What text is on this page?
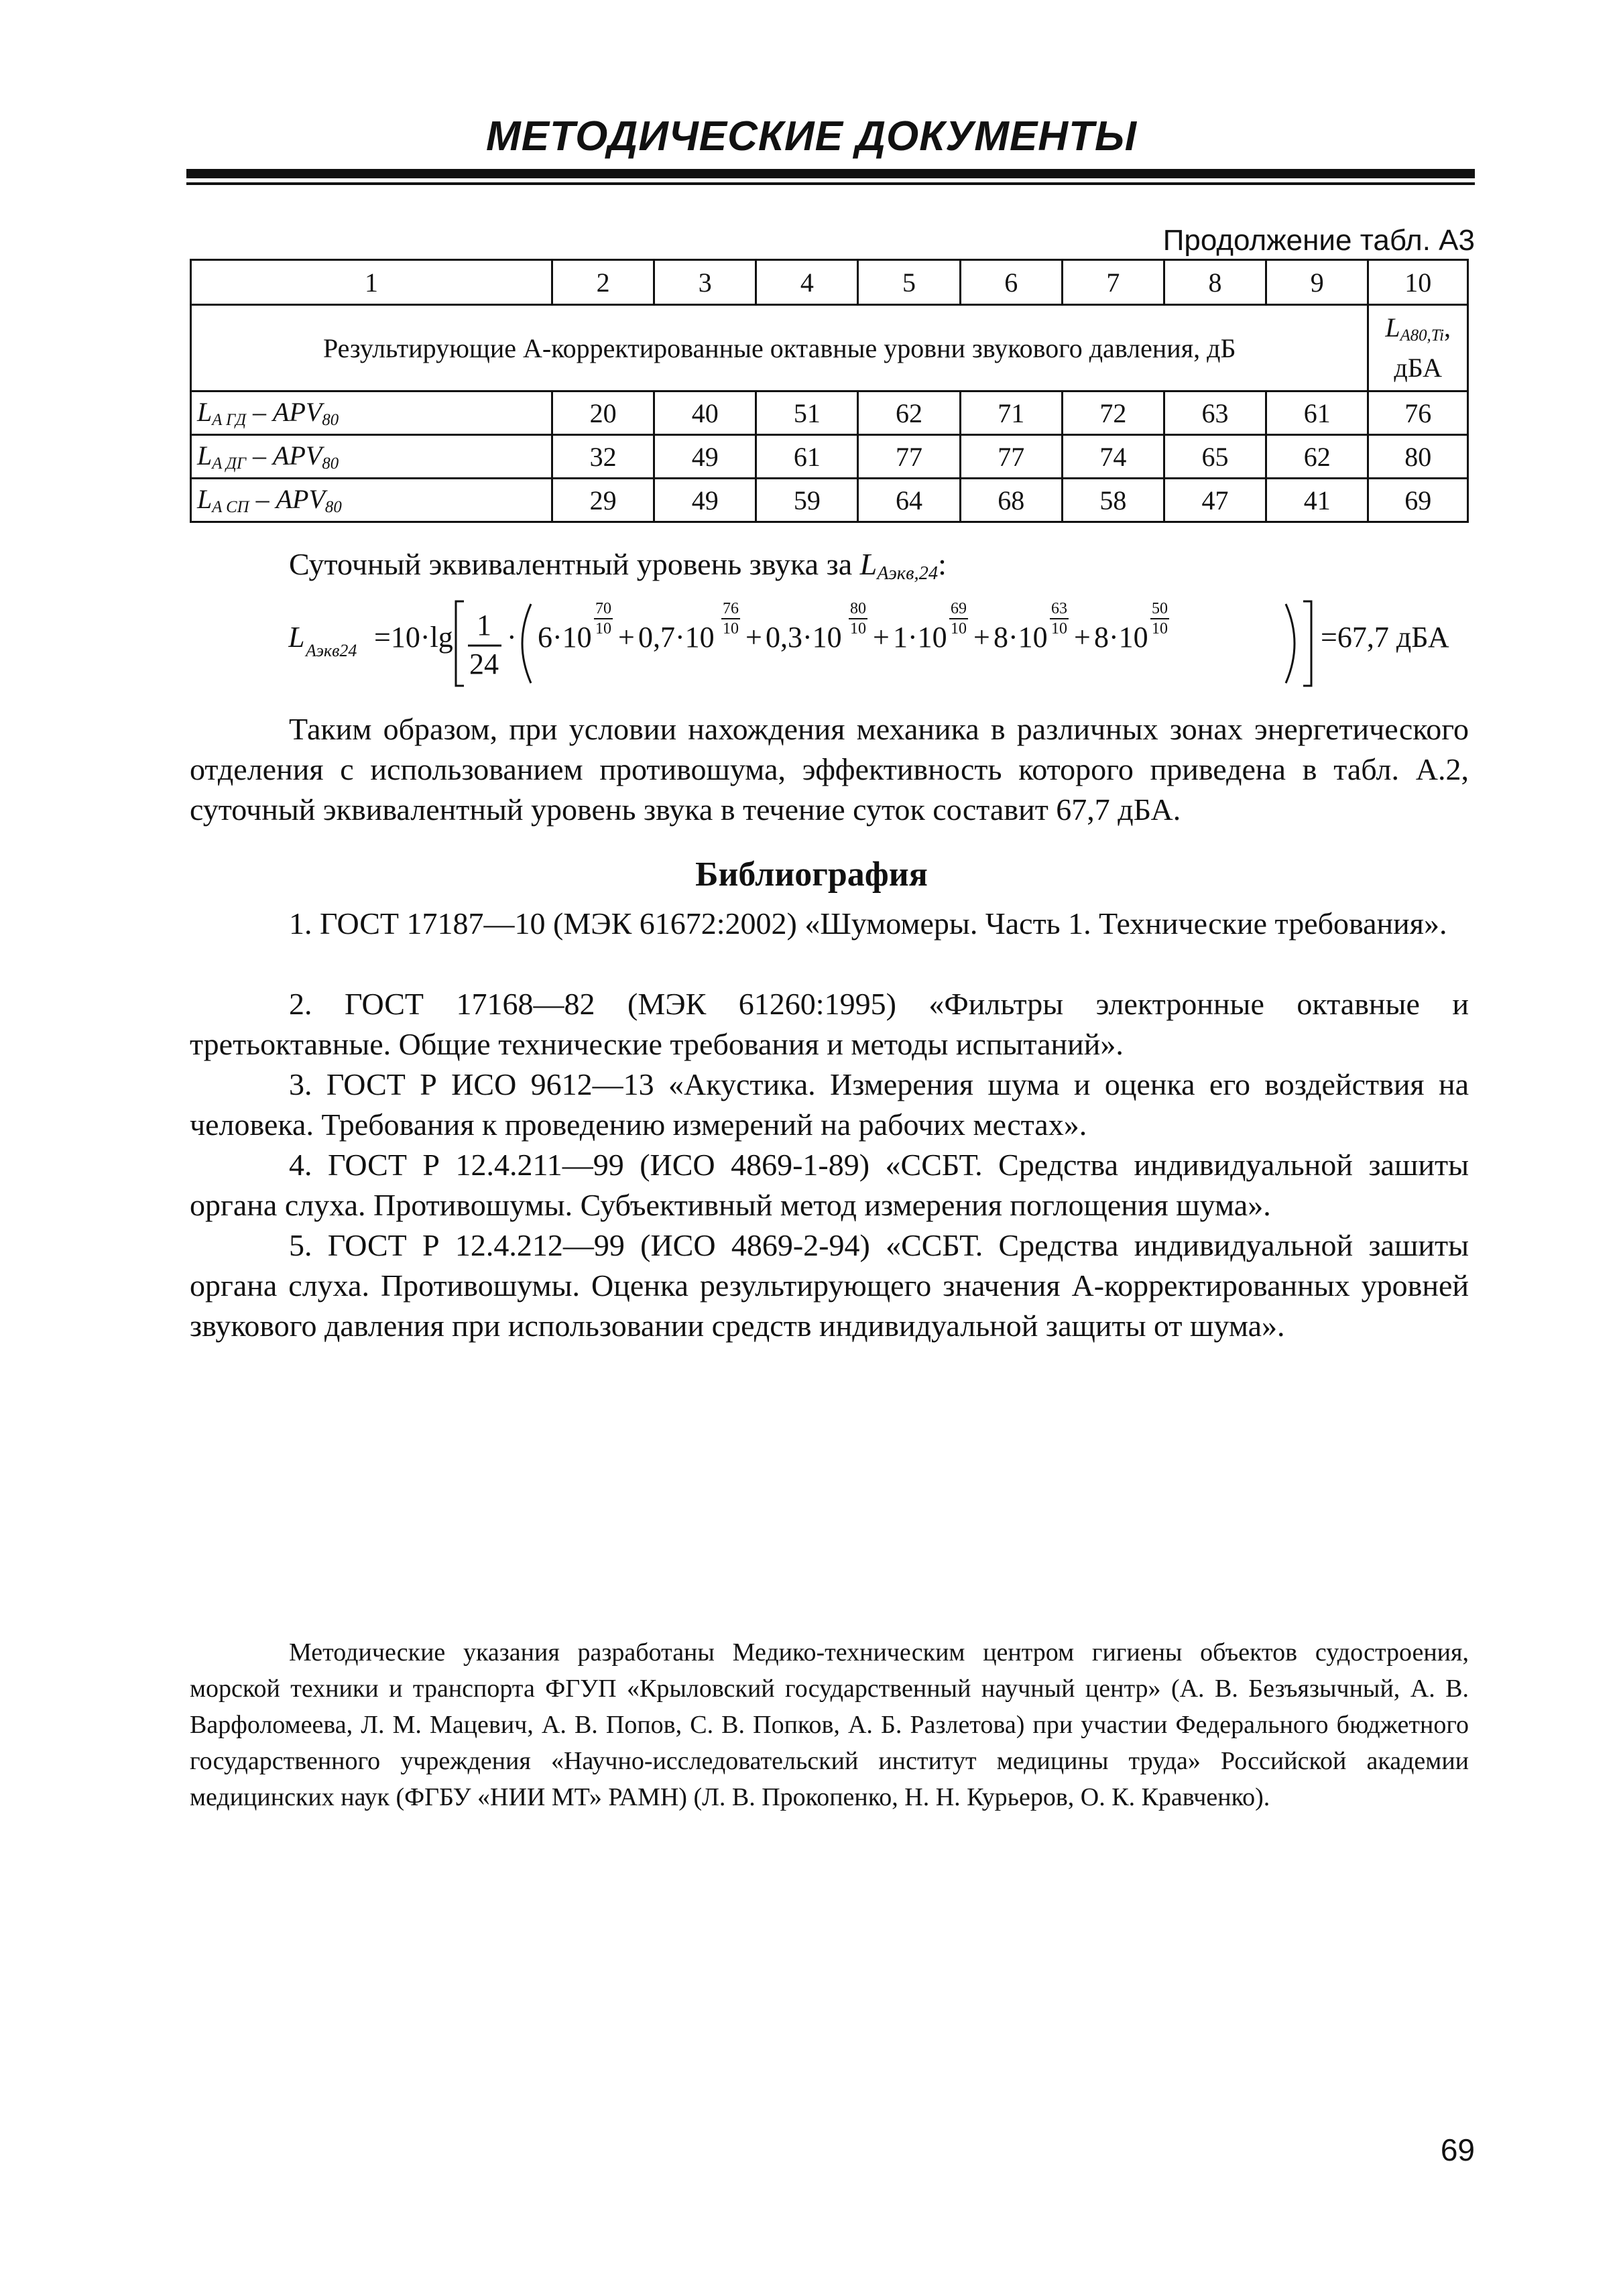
МЕТОДИЧЕСКИЕ ДОКУМЕНТЫ
Продолжение табл. А3
1	2	3	4	5	6	7	8	9	10
Результирующие А-корректированные октавные уровни звукового давления, дБ									$L_{A80,Ti}$,
дБА
$L_{A ГД} - APV_{80}$	20	40	51	62	71	72	63	61	76
$L_{A ДГ} - APV_{80}$	32	49	61	77	77	74	65	62	80
$L_{A СП} - APV_{80}$	29	49	59	64	68	58	47	41	69
Суточный эквивалентный уровень звука за $L_{Аэкв,24}$:
L Аэкв24 =10·lg 1
24
· 6·10
70
10 + 0,7·10
76
10 + 0,3·10
80
10 + 1·10
69
10 + 8·10
63
10 + 8·10
50
10	=67,7 дБА
Таким образом, при условии нахождения механика в различных зонах энергетического отделения с использованием противошума, эффективность которого приведена в табл. А.2, суточный эквивалентный уровень звука в течение суток составит 67,7 дБА.
Библиография
1. ГОСТ 17187—10 (МЭК 61672:2002) «Шумомеры. Часть 1. Технические требования».
2. ГОСТ 17168—82 (МЭК 61260:1995) «Фильтры электронные октавные и третьоктавные. Общие технические требования и методы испытаний».
3. ГОСТ Р ИСО 9612—13 «Акустика. Измерения шума и оценка его воздействия на человека. Требования к проведению измерений на рабочих местах».
4. ГОСТ Р 12.4.211—99 (ИСО 4869-1-89) «ССБТ. Средства индивидуальной зашиты органа слуха. Противошумы. Субъективный метод измерения поглощения шума».
5. ГОСТ Р 12.4.212—99 (ИСО 4869-2-94) «ССБТ. Средства индивидуальной зашиты органа слуха. Противошумы. Оценка результирующего значения А-корректированных уровней звукового давления при использовании средств индивидуальной защиты от шума».
Методические указания разработаны Медико-техническим центром гигиены объектов судостроения, морской техники и транспорта ФГУП «Крыловский государственный научный центр» (А. В. Безъязычный, А. В. Варфоломеева, Л. М. Мацевич, А. В. Попов, С. В. Попков, А. Б. Разлетова) при участии Федерального бюджетного государственного учреждения «Научно-исследовательский институт медицины труда» Российской академии медицинских наук (ФГБУ «НИИ МТ» РАМН) (Л. В. Прокопенко, Н. Н. Курьеров, О. К. Кравченко).
69
